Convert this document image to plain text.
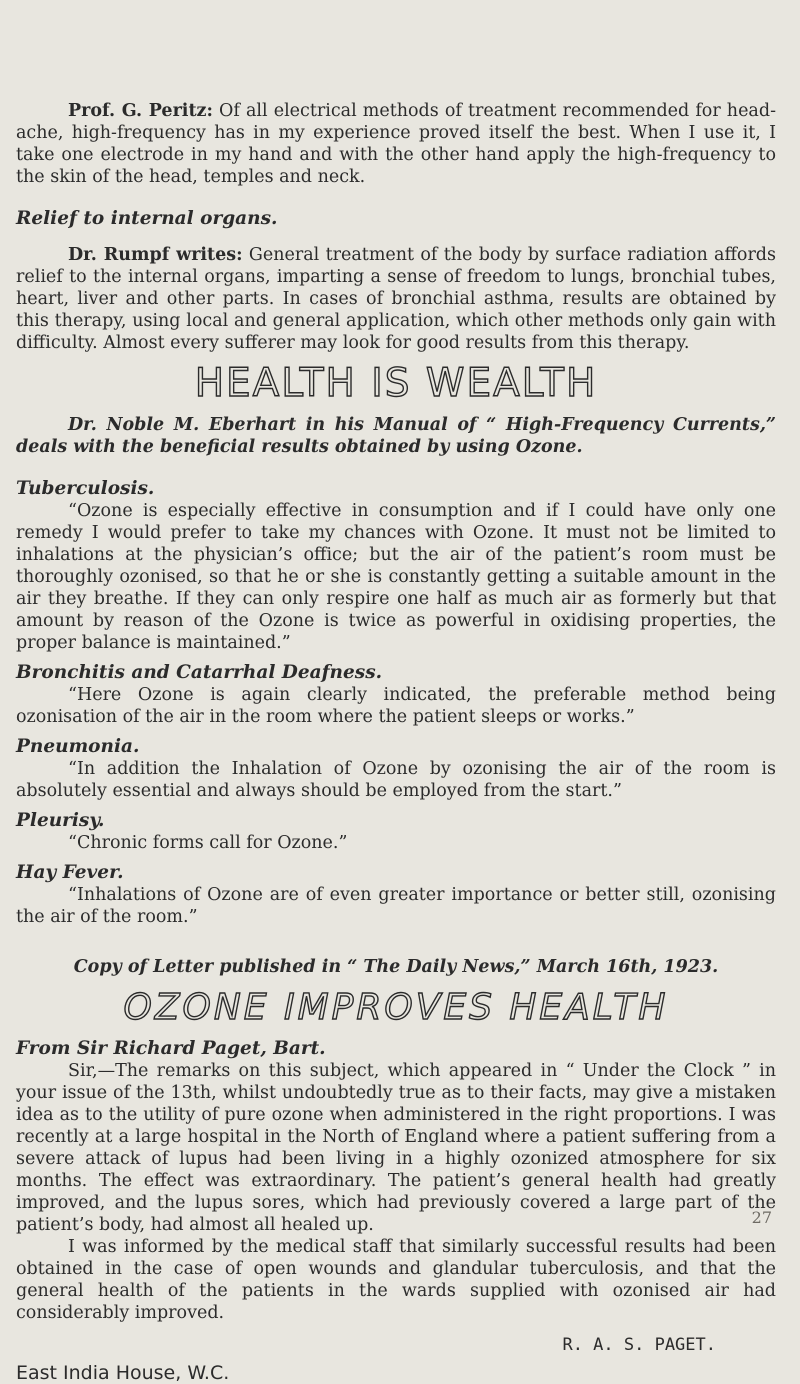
Prof. G. Peritz: Of all electrical methods of treatment recommended for head-ache, high-frequency has in my experience proved itself the best. When I use it, I take one electrode in my hand and with the other hand apply the high-frequency to the skin of the head, temples and neck.

Relief to internal organs.

Dr. Rumpf writes: General treatment of the body by surface radiation affords relief to the internal organs, imparting a sense of freedom to lungs, bronchial tubes, heart, liver and other parts. In cases of bronchial asthma, results are obtained by this therapy, using local and general application, which other methods only gain with difficulty. Almost every sufferer may look for good results from this therapy.

HEALTH IS WEALTH

Dr. Noble M. Eberhart in his Manual of “ High-Frequency Currents,” deals with the beneficial results obtained by using Ozone.

Tuberculosis.

“Ozone is especially effective in consumption and if I could have only one remedy I would prefer to take my chances with Ozone. It must not be limited to inhalations at the physician’s office; but the air of the patient’s room must be thoroughly ozonised, so that he or she is constantly getting a suitable amount in the air they breathe. If they can only respire one half as much air as formerly but that amount by reason of the Ozone is twice as powerful in oxidising properties, the proper balance is maintained.”

Bronchitis and Catarrhal Deafness.

“Here Ozone is again clearly indicated, the preferable method being ozonisation of the air in the room where the patient sleeps or works.”

Pneumonia.

“In addition the Inhalation of Ozone by ozonising the air of the room is absolutely essential and always should be employed from the start.”

Pleurisy.

“Chronic forms call for Ozone.”

Hay Fever.

“Inhalations of Ozone are of even greater importance or better still, ozonising the air of the room.”

Copy of Letter published in “ The Daily News,” March 16th, 1923.

OZONE IMPROVES HEALTH

From Sir Richard Paget, Bart.

Sir,—The remarks on this subject, which appeared in “ Under the Clock ” in your issue of the 13th, whilst undoubtedly true as to their facts, may give a mistaken idea as to the utility of pure ozone when administered in the right proportions. I was recently at a large hospital in the North of England where a patient suffering from a severe attack of lupus had been living in a highly ozonized atmosphere for six months. The effect was extraordinary. The patient’s general health had greatly improved, and the lupus sores, which had previously covered a large part of the patient’s body, had almost all healed up.

I was informed by the medical staff that similarly successful results had been obtained in the case of open wounds and glandular tuberculosis, and that the general health of the patients in the wards supplied with ozonised air had considerably improved.

R. A. S. PAGET.

East India House, W.C.

27
